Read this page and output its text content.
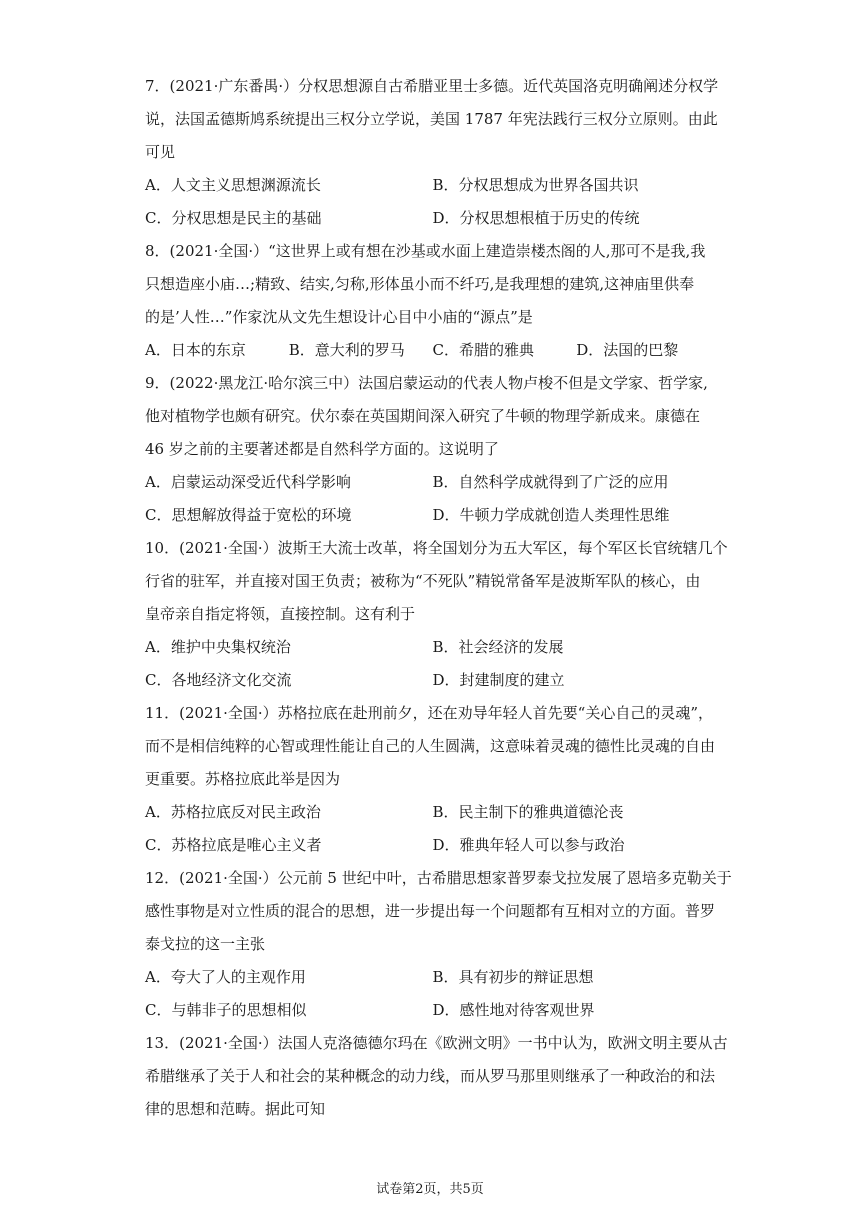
7．(2021·广东番禺·）分权思想源自古希腊亚里士多德。近代英国洛克明确阐述分权学
说，法国孟德斯鸠系统提出三权分立学说，美国 1787 年宪法践行三权分立原则。由此
可见
A．人文主义思想渊源流长	B．分权思想成为世界各国共识
C．分权思想是民主的基础	D．分权思想根植于历史的传统
8．(2021·全国·）“这世界上或有想在沙基或水面上建造崇楼杰阁的人,那可不是我,我
只想造座小庙…;精致、结实,匀称,形体虽小而不纤巧,是我理想的建筑,这神庙里供奉
的是’人性…”作家沈从文先生想设计心目中小庙的“源点”是
A．日本的东京	B．意大利的罗马	C．希腊的雅典	D．法国的巴黎
9．(2022·黑龙江·哈尔滨三中）法国启蒙运动的代表人物卢梭不但是文学家、哲学家,
他对植物学也颇有研究。伏尔泰在英国期间深入研究了牛顿的物理学新成来。康德在
46 岁之前的主要著述都是自然科学方面的。这说明了
A．启蒙运动深受近代科学影响	B．自然科学成就得到了广泛的应用
C．思想解放得益于宽松的环境	D．牛顿力学成就创造人类理性思维
10．(2021·全国·）波斯王大流士改革，将全国划分为五大军区，每个军区长官统辖几个
行省的驻军，并直接对国王负责；被称为“不死队”精锐常备军是波斯军队的核心，由
皇帝亲自指定将领，直接控制。这有利于
A．维护中央集权统治	B．社会经济的发展
C．各地经济文化交流	D．封建制度的建立
11．(2021·全国·）苏格拉底在赴刑前夕，还在劝导年轻人首先要“关心自己的灵魂”，
而不是相信纯粹的心智或理性能让自己的人生圆满，这意味着灵魂的德性比灵魂的自由
更重要。苏格拉底此举是因为
A．苏格拉底反对民主政治	B．民主制下的雅典道德沦丧
C．苏格拉底是唯心主义者	D．雅典年轻人可以参与政治
12．(2021·全国·）公元前 5 世纪中叶，古希腊思想家普罗泰戈拉发展了恩培多克勒关于
感性事物是对立性质的混合的思想，进一步提出每一个问题都有互相对立的方面。普罗
泰戈拉的这一主张
A．夸大了人的主观作用	B．具有初步的辩证思想
C．与韩非子的思想相似	D．感性地对待客观世界
13．(2021·全国·）法国人克洛德德尔玛在《欧洲文明》一书中认为，欧洲文明主要从古
希腊继承了关于人和社会的某种概念的动力线，而从罗马那里则继承了一种政治的和法
律的思想和范畴。据此可知
试卷第2页，共5页
